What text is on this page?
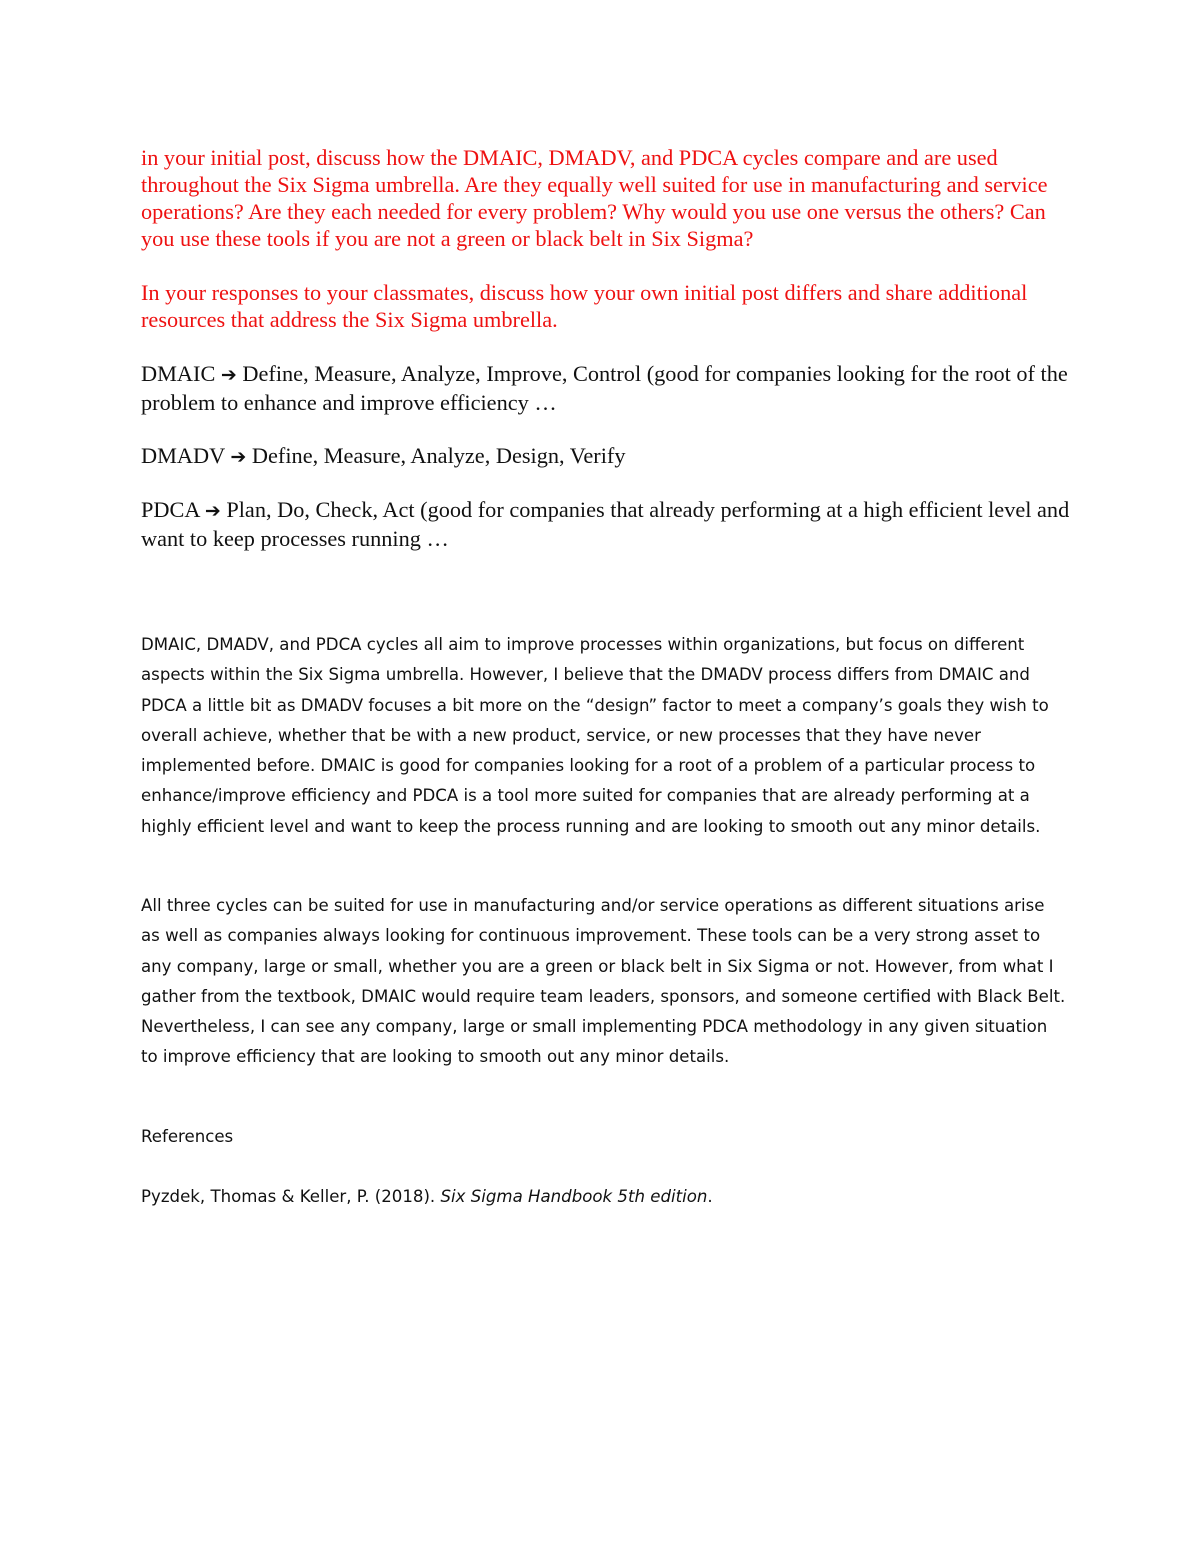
in your initial post, discuss how the DMAIC, DMADV, and PDCA cycles compare and are used throughout the Six Sigma umbrella. Are they equally well suited for use in manufacturing and service operations? Are they each needed for every problem? Why would you use one versus the others? Can you use these tools if you are not a green or black belt in Six Sigma?

In your responses to your classmates, discuss how your own initial post differs and share additional resources that address the Six Sigma umbrella.

DMAIC ➔ Define, Measure, Analyze, Improve, Control (good for companies looking for the root of the problem to enhance and improve efficiency …

DMADV ➔ Define, Measure, Analyze, Design, Verify

PDCA ➔ Plan, Do, Check, Act (good for companies that already performing at a high efficient level and want to keep processes running …

DMAIC, DMADV, and PDCA cycles all aim to improve processes within organizations, but focus on different aspects within the Six Sigma umbrella. However, I believe that the DMADV process differs from DMAIC and PDCA a little bit as DMADV focuses a bit more on the “design” factor to meet a company’s goals they wish to overall achieve, whether that be with a new product, service, or new processes that they have never implemented before. DMAIC is good for companies looking for a root of a problem of a particular process to enhance/improve efficiency and PDCA is a tool more suited for companies that are already performing at a highly efficient level and want to keep the process running and are looking to smooth out any minor details.

All three cycles can be suited for use in manufacturing and/or service operations as different situations arise as well as companies always looking for continuous improvement. These tools can be a very strong asset to any company, large or small, whether you are a green or black belt in Six Sigma or not. However, from what I gather from the textbook, DMAIC would require team leaders, sponsors, and someone certified with Black Belt. Nevertheless, I can see any company, large or small implementing PDCA methodology in any given situation to improve efficiency that are looking to smooth out any minor details.

References

Pyzdek, Thomas & Keller, P. (2018). Six Sigma Handbook 5th edition.
